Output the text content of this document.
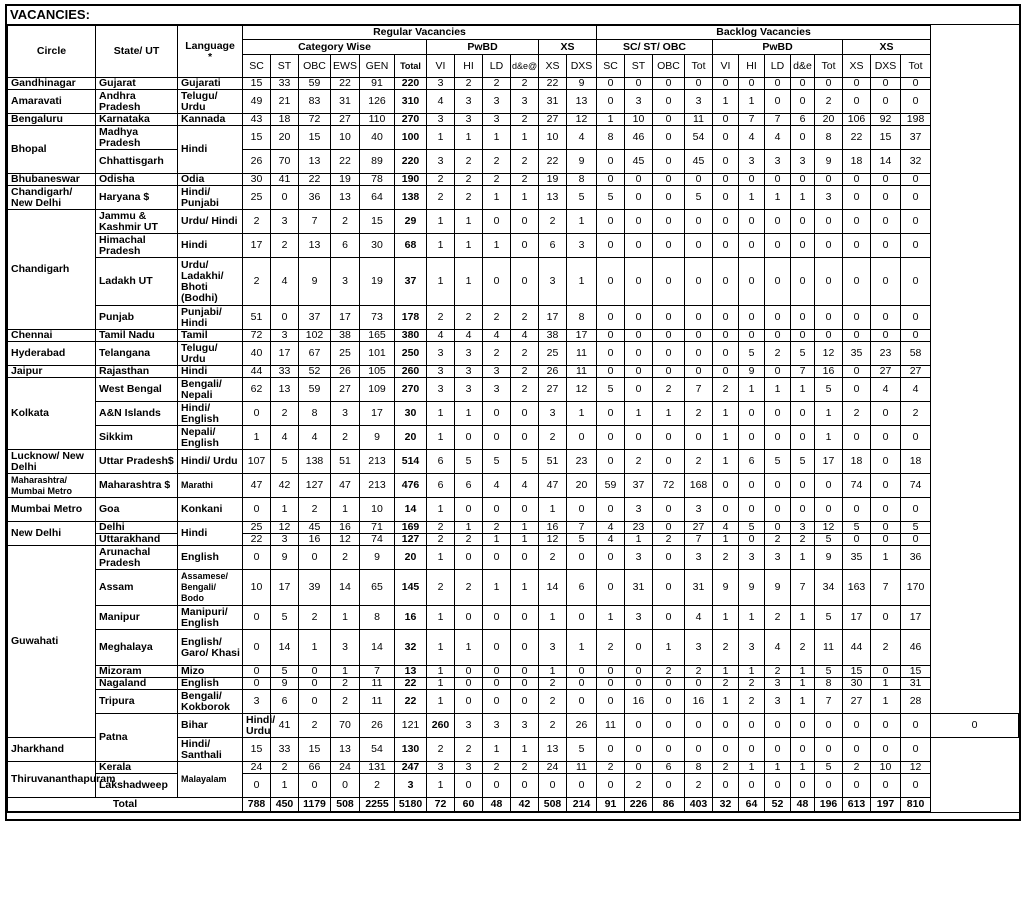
VACANCIES:
Circle	State/ UT	Language
*	Regular Vacancies												Backlog Vacancies												
			Category Wise						PwBD				XS		SC/ ST/ OBC				PwBD					XS			
			SC	ST	OBC	EWS	GEN	Total	VI	HI	LD	d&e@	XS	DXS	SC	ST	OBC	Tot	VI	HI	LD	d&e	Tot	XS	DXS	Tot	
Gandhinagar	Gujarat	Gujarati	15	33	59	22	91	220	3	2	2	2	22	9	0	0	0	0	0	0	0	0	0	0	0	0	
Amaravati	Andhra Pradesh	Telugu/ Urdu	49	21	83	31	126	310	4	3	3	3	31	13	0	3	0	3	1	1	0	0	2	0	0	0	
Bengaluru	Karnataka	Kannada	43	18	72	27	110	270	3	3	3	2	27	12	1	10	0	11	0	7	7	6	20	106	92	198	
Bhopal	Madhya Pradesh	Hindi	15	20	15	10	40	100	1	1	1	1	10	4	8	46	0	54	0	4	4	0	8	22	15	37	
	Chhattisgarh		26	70	13	22	89	220	3	2	2	2	22	9	0	45	0	45	0	3	3	3	9	18	14	32	
Bhubaneswar	Odisha	Odia	30	41	22	19	78	190	2	2	2	2	19	8	0	0	0	0	0	0	0	0	0	0	0	0	
Chandigarh/ New Delhi	Haryana $	Hindi/ Punjabi	25	0	36	13	64	138	2	2	1	1	13	5	5	0	0	5	0	1	1	1	3	0	0	0	
Chandigarh	Jammu & Kashmir UT	Urdu/ Hindi	2	3	7	2	15	29	1	1	0	0	2	1	0	0	0	0	0	0	0	0	0	0	0	0	
	Himachal Pradesh	Hindi	17	2	13	6	30	68	1	1	1	0	6	3	0	0	0	0	0	0	0	0	0	0	0	0	
	Ladakh UT	Urdu/ Ladakhi/ Bhoti (Bodhi)	2	4	9	3	19	37	1	1	0	0	3	1	0	0	0	0	0	0	0	0	0	0	0	0	
	Punjab	Punjabi/ Hindi	51	0	37	17	73	178	2	2	2	2	17	8	0	0	0	0	0	0	0	0	0	0	0	0	
Chennai	Tamil Nadu	Tamil	72	3	102	38	165	380	4	4	4	4	38	17	0	0	0	0	0	0	0	0	0	0	0	0	
Hyderabad	Telangana	Telugu/ Urdu	40	17	67	25	101	250	3	3	2	2	25	11	0	0	0	0	0	5	2	5	12	35	23	58	
Jaipur	Rajasthan	Hindi	44	33	52	26	105	260	3	3	3	2	26	11	0	0	0	0	0	9	0	7	16	0	27	27	
Kolkata	West Bengal	Bengali/ Nepali	62	13	59	27	109	270	3	3	3	2	27	12	5	0	2	7	2	1	1	1	5	0	4	4	
	A&N Islands	Hindi/ English	0	2	8	3	17	30	1	1	0	0	3	1	0	1	1	2	1	0	0	0	1	2	0	2	
	Sikkim	Nepali/ English	1	4	4	2	9	20	1	0	0	0	2	0	0	0	0	0	1	0	0	0	1	0	0	0	
Lucknow/ New Delhi	Uttar Pradesh$	Hindi/ Urdu	107	5	138	51	213	514	6	5	5	5	51	23	0	2	0	2	1	6	5	5	17	18	0	18	
Maharashtra/ Mumbai Metro	Maharashtra $	Marathi	47	42	127	47	213	476	6	6	4	4	47	20	59	37	72	168	0	0	0	0	0	74	0	74	
Mumbai Metro	Goa	Konkani	0	1	2	1	10	14	1	0	0	0	1	0	0	3	0	3	0	0	0	0	0	0	0	0	
New Delhi	Delhi	Hindi	25	12	45	16	71	169	2	1	2	1	16	7	4	23	0	27	4	5	0	3	12	5	0	5	
	Uttarakhand		22	3	16	12	74	127	2	2	1	1	12	5	4	1	2	7	1	0	2	2	5	0	0	0	
Guwahati	Arunachal Pradesh	English	0	9	0	2	9	20	1	0	0	0	2	0	0	3	0	3	2	3	3	1	9	35	1	36	
	Assam	Assamese/ Bengali/ Bodo	10	17	39	14	65	145	2	2	1	1	14	6	0	31	0	31	9	9	9	7	34	163	7	170	
	Manipur	Manipuri/ English	0	5	2	1	8	16	1	0	0	0	1	0	1	3	0	4	1	1	2	1	5	17	0	17	
	Meghalaya	English/ Garo/ Khasi	0	14	1	3	14	32	1	1	0	0	3	1	2	0	1	3	2	3	4	2	11	44	2	46	
	Mizoram	Mizo	0	5	0	1	7	13	1	0	0	0	1	0	0	0	2	2	1	1	2	1	5	15	0	15	
	Nagaland	English	0	9	0	2	11	22	1	0	0	0	2	0	0	0	0	0	2	2	3	1	8	30	1	31	
	Tripura	Bengali/ Kokborok	3	6	0	2	11	22	1	0	0	0	2	0	0	16	0	16	1	2	3	1	7	27	1	28	
	Patna	Bihar	Hindi/ Urdu	41	2	70	26	121	260	3	3	3	2	26	11	0	0	0	0	0	0	0	0	0	0	0	0
Jharkhand		Hindi/ Santhali	15	33	15	13	54	130	2	2	1	1	13	5	0	0	0	0	0	0	0	0	0	0	0	0	
Thiruvananthapuram	Kerala	Malayalam	24	2	66	24	131	247	3	3	2	2	24	11	2	0	6	8	2	1	1	1	5	2	10	12	
	Lakshadweep		0	1	0	0	2	3	1	0	0	0	0	0	0	2	0	2	0	0	0	0	0	0	0	0	
Total			788	450	1179	508	2255	5180	72	60	48	42	508	214	91	226	86	403	32	64	52	48	196	613	197	810	
